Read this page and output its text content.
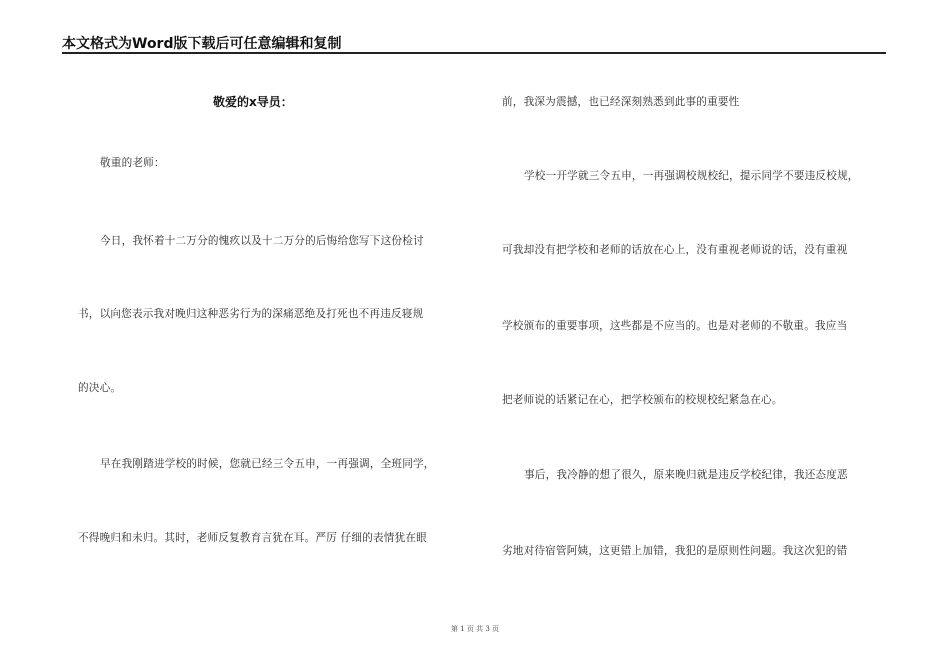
本文格式为Word版下载后可任意编辑和复制
敬爱的x导员：
敬重的老师：
今日，我怀着十二万分的愧疚以及十二万分的后悔给您写下这份检讨
书，以向您表示我对晚归这种恶劣行为的深痛恶绝及打死也不再违反寝规
的决心。
早在我刚踏进学校的时候，您就已经三令五申，一再强调，全班同学，
不得晚归和未归。其时，老师反复教育言犹在耳。严厉 仔细的表情犹在眼
前，我深为震撼，也已经深刻熟悉到此事的重要性
学校一开学就三令五申，一再强调校规校纪，提示同学不要违反校规，
可我却没有把学校和老师的话放在心上，没有重视老师说的话，没有重视
学校颁布的重要事项，这些都是不应当的。也是对老师的不敬重。我应当
把老师说的话紧记在心，把学校颁布的校规校纪紧急在心。
事后，我冷静的想了很久，原来晚归就是违反学校纪律，我还态度恶
劣地对待宿管阿姨，这更错上加错，我犯的是原则性问题。我这次犯的错
第 1 页 共 3 页
